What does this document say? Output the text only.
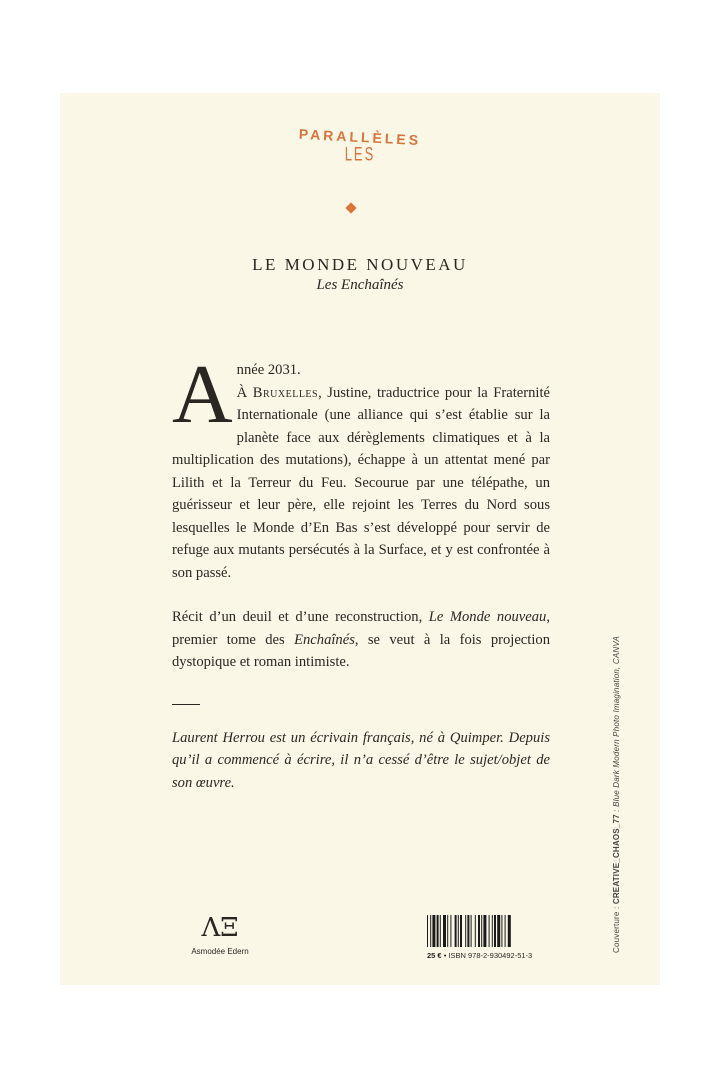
LES
PARALLÈLES
LE MONDE NOUVEAU
Les Enchaînés

Année 2031.
À Bruxelles, Justine, traductrice pour la Fraternité Internationale (une alliance qui s’est établie sur la planète face aux dérèglements climatiques et à la multiplication des mutations), échappe à un attentat mené par Lilith et la Terreur du Feu. Secourue par une télépathe, un guérisseur et leur père, elle rejoint les Terres du Nord sous lesquelles le Monde d’En Bas s’est développé pour servir de refuge aux mutants persécutés à la Surface, et y est confrontée à son passé.

Récit d’un deuil et d’une reconstruction, Le Monde nouveau, premier tome des Enchaînés, se veut à la fois projection dystopique et roman intimiste.

Laurent Herrou est un écrivain français, né à Quimper. Depuis qu’il a commencé à écrire, il n’a cessé d’être le sujet/objet de son œuvre.

Couverture : CREATIVE_CHAOS_77 : Blue Dark Modern Photo Imagination, CANVA
ΛΞ
Asmodée Edern	25 € • ISBN 978-2-930492-51-3
